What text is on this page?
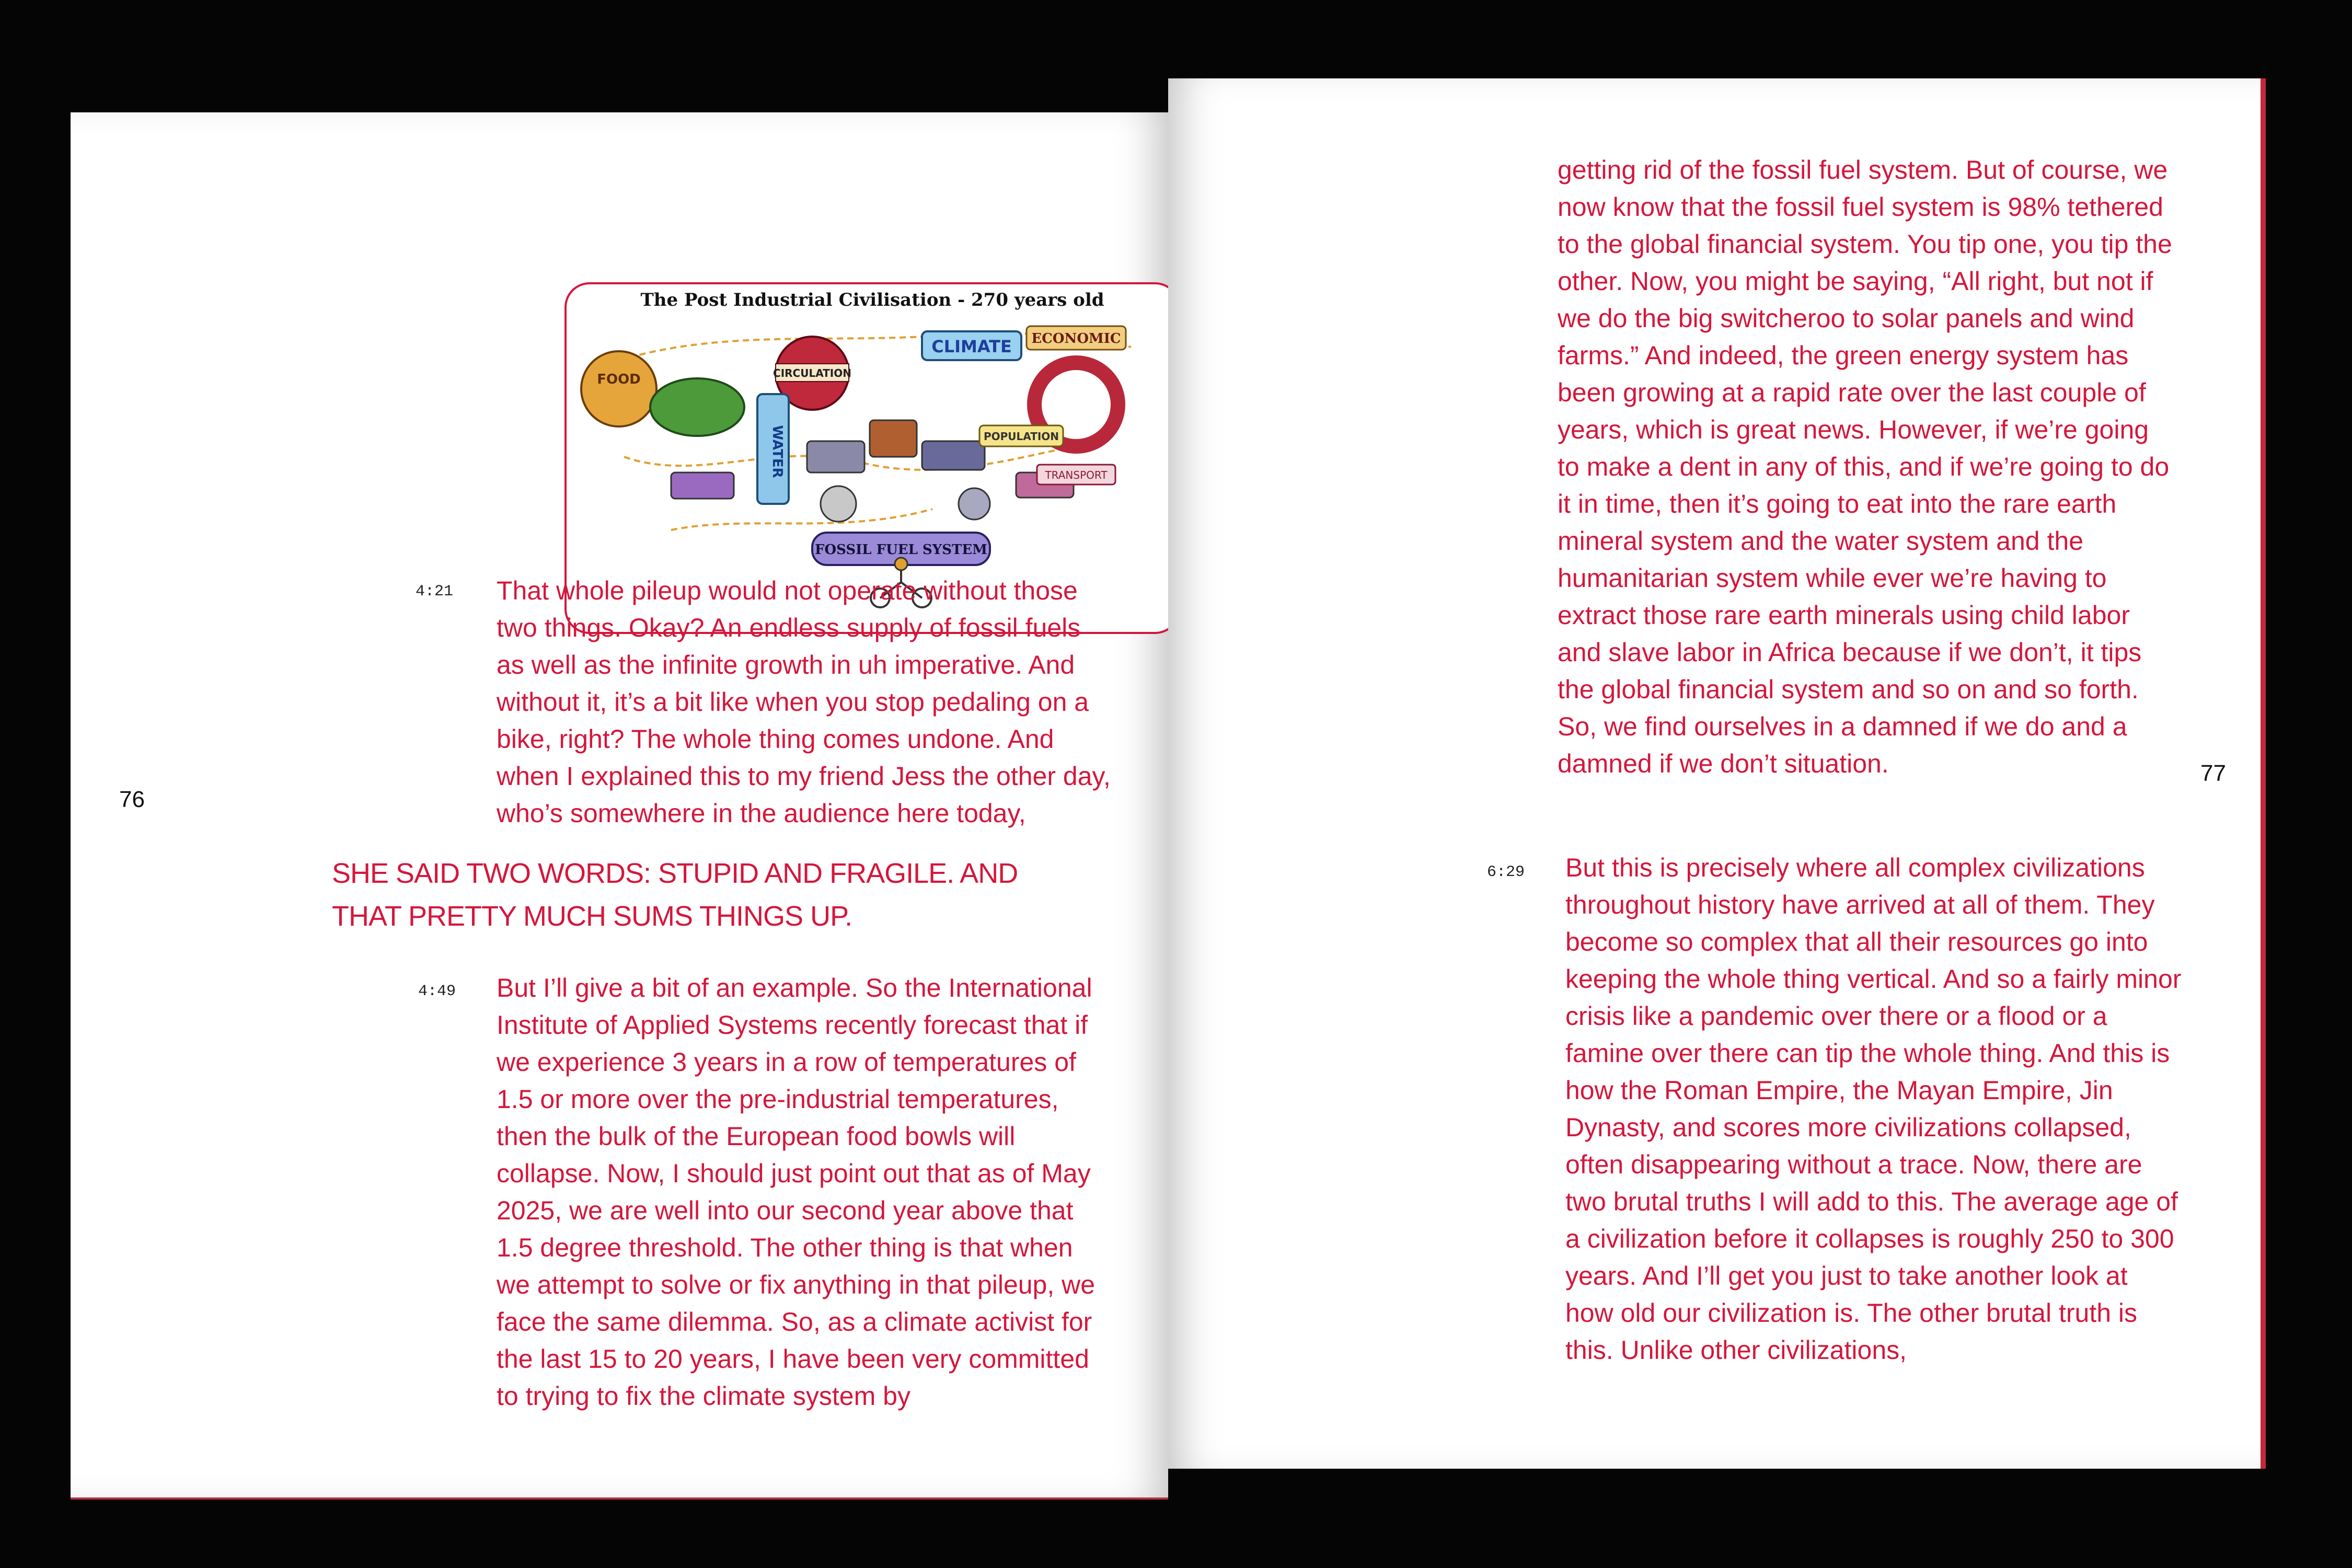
The Post Industrial Civilisation - 270 years old
FOOD	CIRCULATION
CLIMATE ECONOMIC
WATER	POPULATION
TRANSPORT
FOSSIL FUEL SYSTEM
4:21 That whole pileup would not operate without those two things. Okay? An endless supply of fossil fuels as well as the infinite growth in uh imperative. And without it, it’s a bit like when you stop pedaling on a bike, right? The whole thing comes undone. And when I explained this to my friend Jess the other day, who’s somewhere in the audience here today,

76
SHE SAID TWO WORDS: STUPID AND FRAGILE. AND THAT PRETTY MUCH SUMS THINGS UP.
4:49 But I’ll give a bit of an example. So the International Institute of Applied Systems recently forecast that if we experience 3 years in a row of temperatures of 1.5 or more over the pre-industrial temperatures, then the bulk of the European food bowls will collapse. Now, I should just point out that as of May 2025, we are well into our second year above that 1.5 degree threshold. The other thing is that when we attempt to solve or fix anything in that pileup, we face the same dilemma. So, as a climate activist for the last 15 to 20 years, I have been very committed to trying to fix the climate system by

getting rid of the fossil fuel system. But of course, we now know that the fossil fuel system is 98% tethered to the global financial system. You tip one, you tip the other. Now, you might be saying, “All right, but not if we do the big switcheroo to solar panels and wind farms.” And indeed, the green energy system has been growing at a rapid rate over the last couple of years, which is great news. However, if we’re going to make a dent in any of this, and if we’re going to do it in time, then it’s going to eat into the rare earth mineral system and the water system and the humanitarian system while ever we’re having to extract those rare earth minerals using child labor and slave labor in Africa because if we don’t, it tips the global financial system and so on and so forth. So, we find ourselves in a damned if we do and a damned if we don’t situation.	77
6:29 But this is precisely where all complex civilizations throughout history have arrived at all of them. They become so complex that all their resources go into keeping the whole thing vertical. And so a fairly minor crisis like a pandemic over there or a flood or a famine over there can tip the whole thing. And this is how the Roman Empire, the Mayan Empire, Jin Dynasty, and scores more civilizations collapsed, often disappearing without a trace. Now, there are two brutal truths I will add to this. The average age of a civilization before it collapses is roughly 250 to 300 years. And I’ll get you just to take another look at how old our civilization is. The other brutal truth is this. Unlike other civilizations,
